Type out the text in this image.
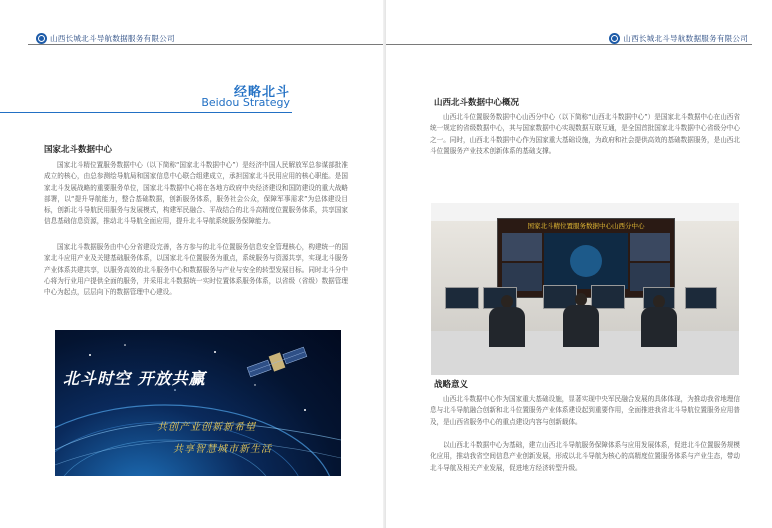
山西长城北斗导航数据服务有限公司
经略北斗
Beidou Strategy
国家北斗数据中心

国家北斗精位置服务数据中心（以下简称“国家北斗数据中心”）是经济中国人民解放军总参谋部批准成立的核心，由总参测绘导航局和国家信息中心联合组建成立，承担国家北斗民用应用的核心职能。是国家北斗发展战略的重要服务单位，国家北斗数据中心将在各地方政府中央经济建设和国防建设的重大战略部署，以“提升导航能力，整合基础数据，创新服务体系，服务社会公众，保障军事需求”为总体建设目标，创新北斗导航民用服务与发展模式，构建军民融合、平战结合的北斗高精度位置服务体系，共享国家信息基础信息资源，推动北斗导航全面应用，提升北斗导航系统服务保障能力。

国家北斗数据服务由中心分省建设完善，各方参与的北斗位置服务信息安全管理核心，构建统一的国家北斗应用产业及关键基础服务体系，以国家北斗位置服务为重点，系统服务与资源共享，实现北斗服务产业体系共建共享，以服务高效的北斗服务中心和数据服务与产业与安全的转型发展目标。同时北斗分中心将为行业用户提供全面的服务，并采用北斗数据统一实时位置体系服务体系，以省级（省级）数据管理中心为起点，层层向下的数据管理中心建设。

北斗时空 开放共赢
共创产业创新新希望
共享智慧城市新生活
山西长城北斗导航数据服务有限公司
山西北斗数据中心概况

山西北斗位置服务数据中心山西分中心（以下简称“山西北斗数据中心”）是国家北斗数据中心在山西省统一规定的省级数据中心，其与国家数据中心实现数据互联互通，是全国首批国家北斗数据中心省级分中心之一。同时，山西北斗数据中心作为国家重大基础设施，为政府和社会提供高效的基础数据服务，是山西北斗位置服务产业技术创新体系的基础支撑。

国家北斗精位置服务数据中心山西分中心
战略意义

山西北斗数据中心作为国家重大基础设施，显著实现中央军民融合发展的具体体现，为推动我省地理信息与北斗导航融合创新和北斗位置服务产业体系建设起到重要作用，全面推进我省北斗导航位置服务应用普及，是山西省服务中心的重点建设内容与创新载体。

以山西北斗数据中心为基础，建立山西北斗导航服务保障体系与应用发展体系，促进北斗位置服务规模化应用，推动我省空间信息产业创新发展，形成以北斗导航为核心的高精度位置服务体系与产业生态，带动北斗导航及相关产业发展，促进地方经济转型升级。
